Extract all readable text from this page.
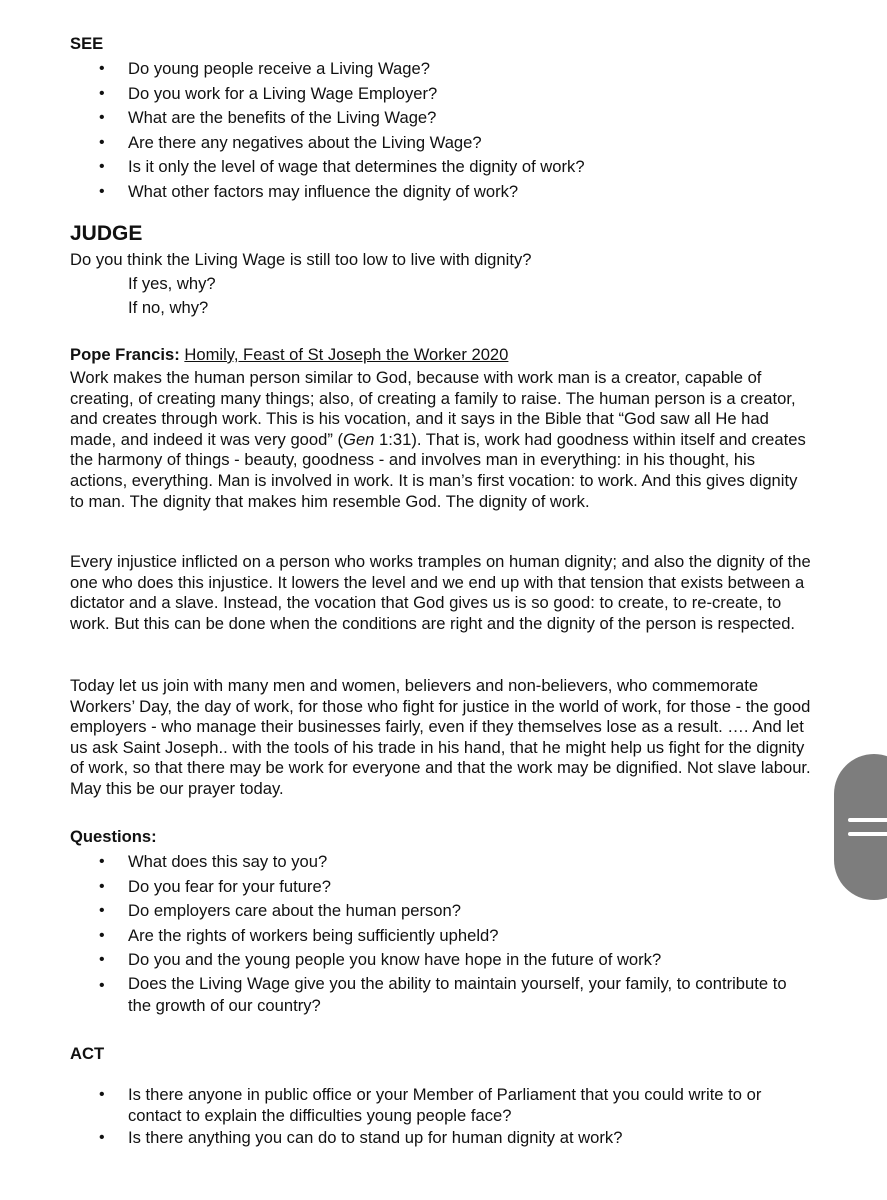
SEE
• Do young people receive a Living Wage?
• Do you work for a Living Wage Employer?
• What are the benefits of the Living Wage?
• Are there any negatives about the Living Wage?
• Is it only the level of wage that determines the dignity of work?
• What other factors may influence the dignity of work?
JUDGE
Do you think the Living Wage is still too low to live with dignity?
If yes, why?
If no, why?
Pope Francis: Homily, Feast of St Joseph the Worker 2020
Work makes the human person similar to God, because with work man is a creator, capable of creating, of creating many things; also, of creating a family to raise. The human person is a creator, and creates through work. This is his vocation, and it says in the Bible that “God saw all He had made, and indeed it was very good” (Gen 1:31). That is, work had goodness within itself and creates the harmony of things - beauty, goodness - and involves man in everything: in his thought, his actions, everything. Man is involved in work. It is man’s first vocation: to work. And this gives dignity to man. The dignity that makes him resemble God. The dignity of work.
Every injustice inflicted on a person who works tramples on human dignity; and also the dignity of the one who does this injustice. It lowers the level and we end up with that tension that exists between a dictator and a slave. Instead, the vocation that God gives us is so good: to create, to re-create, to work. But this can be done when the conditions are right and the dignity of the person is respected.
Today let us join with many men and women, believers and non-believers, who commemorate Workers’ Day, the day of work, for those who fight for justice in the world of work, for those - the good employers - who manage their businesses fairly, even if they themselves lose as a result. …. And let us ask Saint Joseph.. with the tools of his trade in his hand, that he might help us fight for the dignity of work, so that there may be work for everyone and that the work may be dignified. Not slave labour. May this be our prayer today.
Questions:
• What does this say to you?
• Do you fear for your future?
• Do employers care about the human person?
• Are the rights of workers being sufficiently upheld?
• Do you and the young people you know have hope in the future of work?
• Does the Living Wage give you the ability to maintain yourself, your family, to contribute to the growth of our country?
ACT
• Is there anyone in public office or your Member of Parliament that you could write to or contact to explain the difficulties young people face?
• Is there anything you can do to stand up for human dignity at work?
